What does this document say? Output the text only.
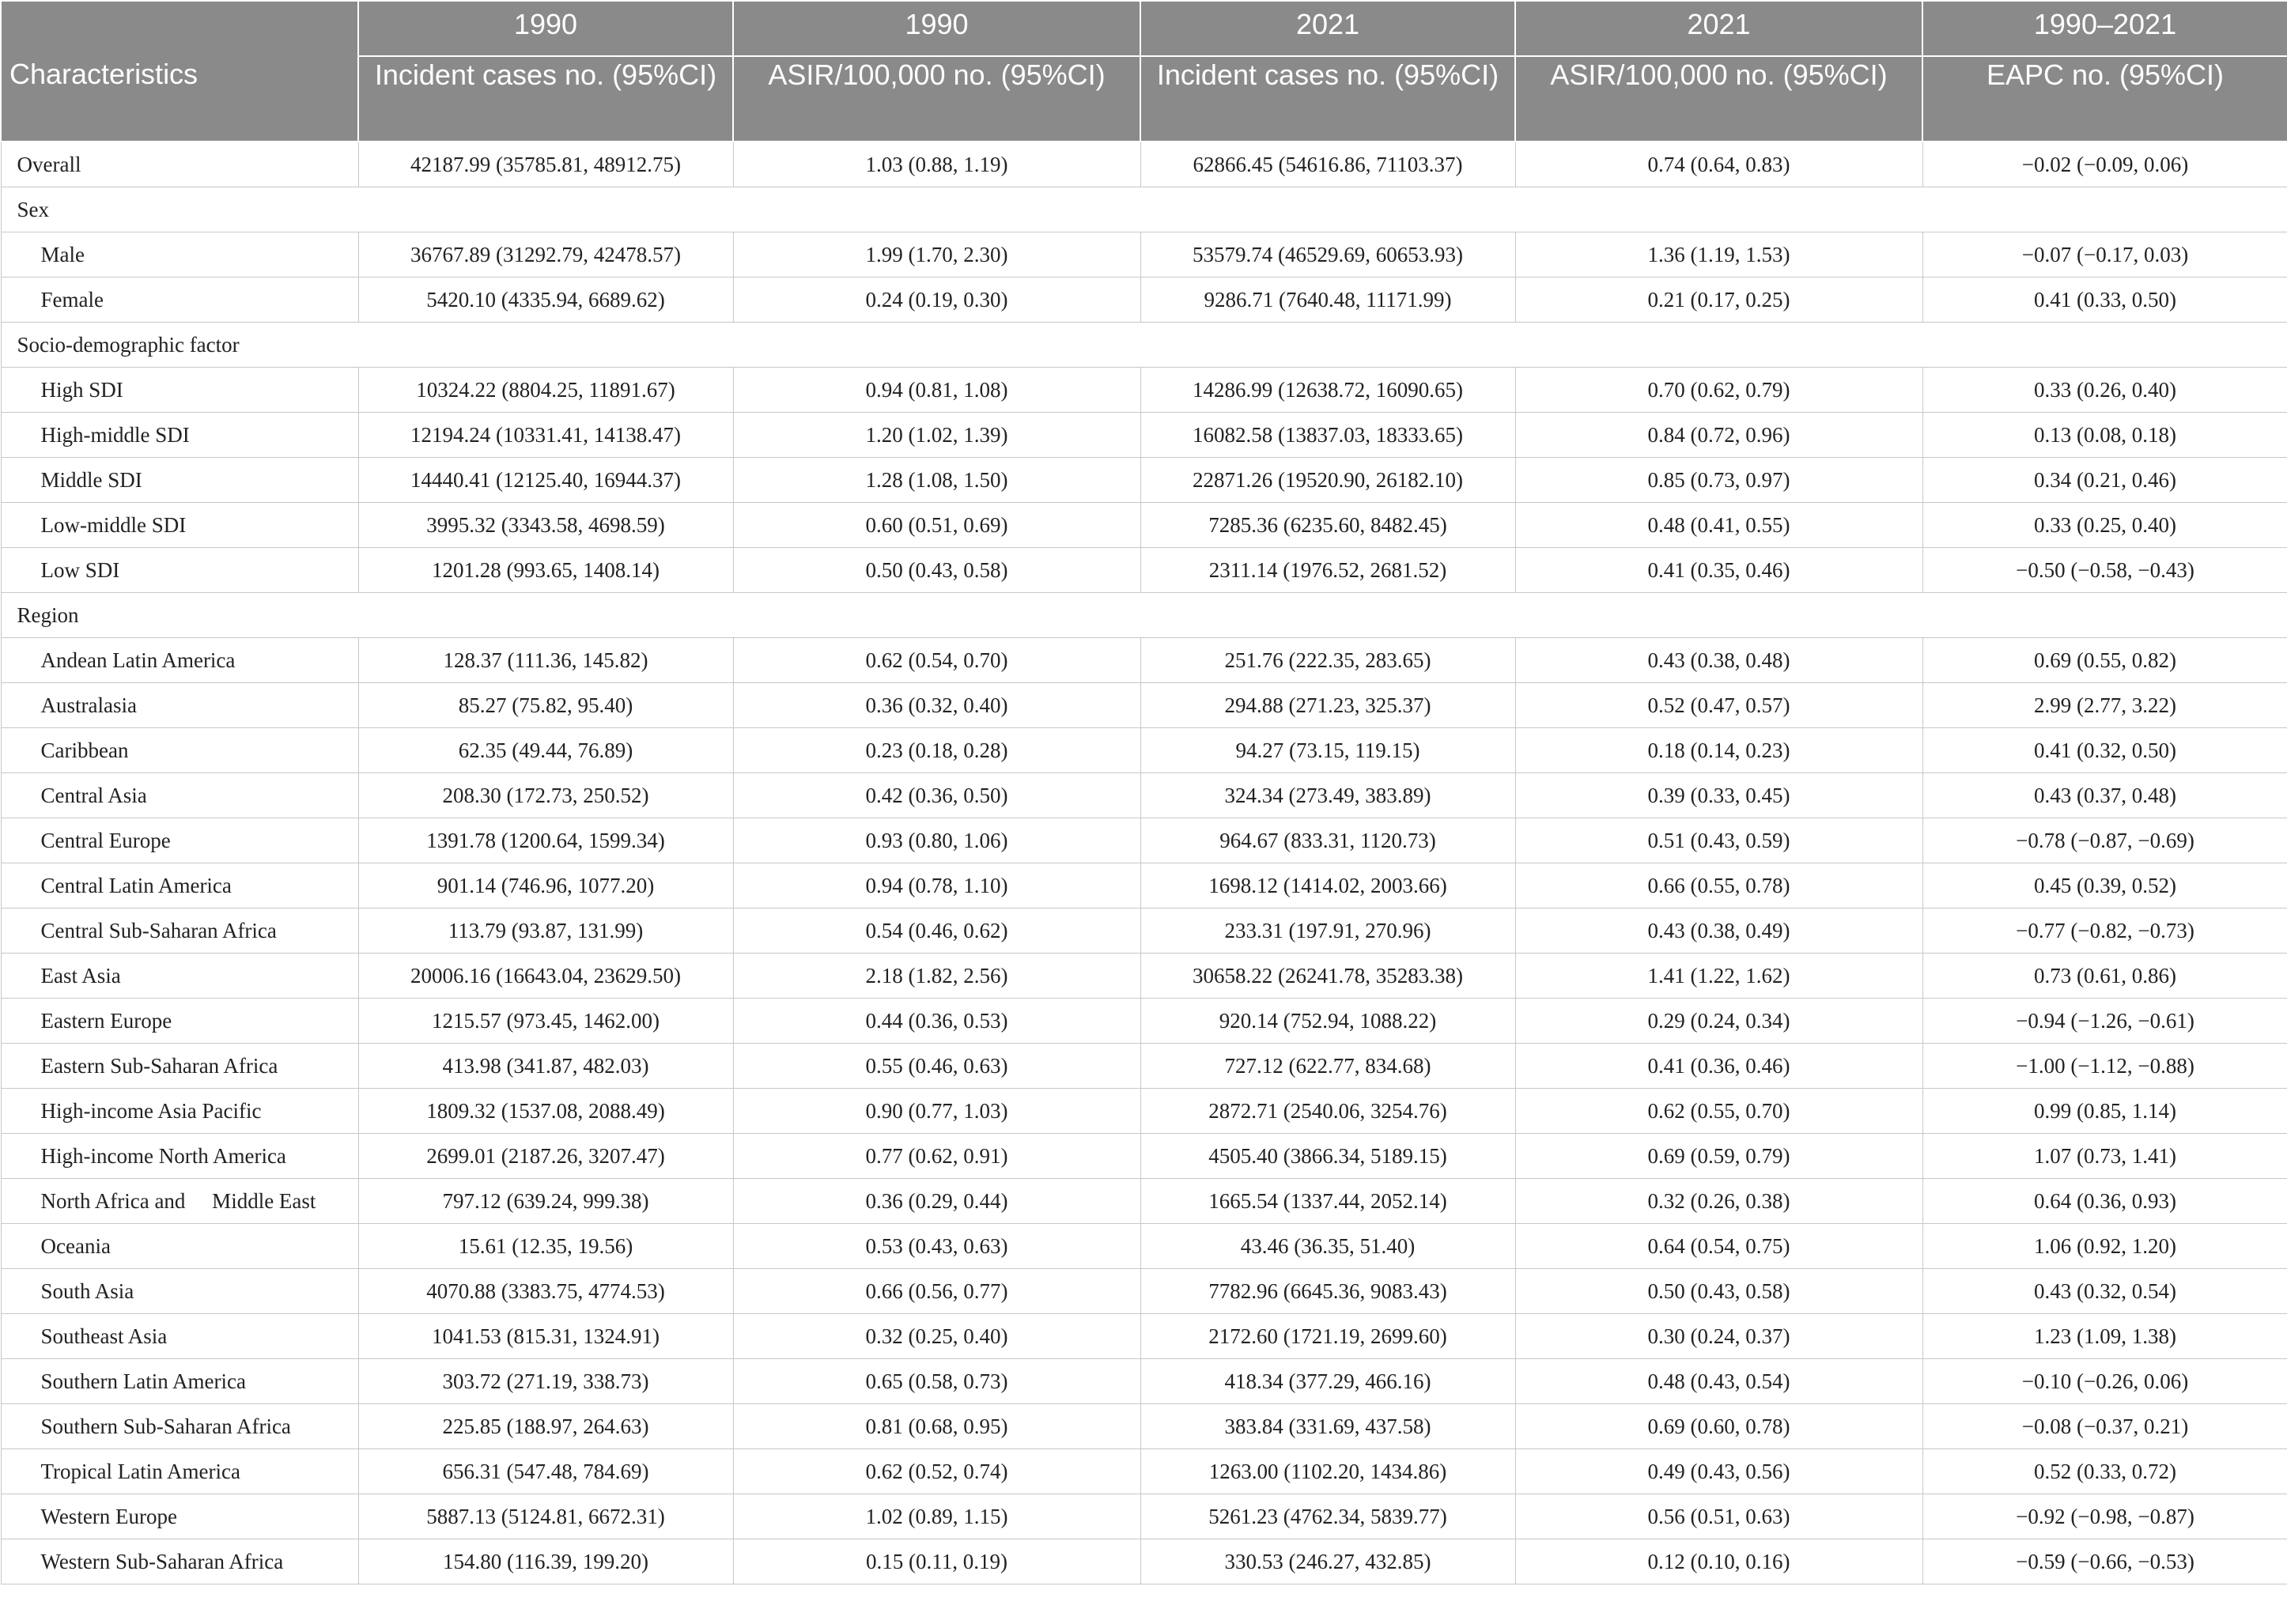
Characteristics	1990	1990	2021	2021	1990–2021
	Incident cases no. (95%CI)	ASIR/100,000 no. (95%CI)	Incident cases no. (95%CI)	ASIR/100,000 no. (95%CI)	EAPC no. (95%CI)
Overall	42187.99 (35785.81, 48912.75)	1.03 (0.88, 1.19)	62866.45 (54616.86, 71103.37)	0.74 (0.64, 0.83)	−0.02 (−0.09, 0.06)
Sex					
Male	36767.89 (31292.79, 42478.57)	1.99 (1.70, 2.30)	53579.74 (46529.69, 60653.93)	1.36 (1.19, 1.53)	−0.07 (−0.17, 0.03)
Female	5420.10 (4335.94, 6689.62)	0.24 (0.19, 0.30)	9286.71 (7640.48, 11171.99)	0.21 (0.17, 0.25)	0.41 (0.33, 0.50)
Socio-demographic factor					
High SDI	10324.22 (8804.25, 11891.67)	0.94 (0.81, 1.08)	14286.99 (12638.72, 16090.65)	0.70 (0.62, 0.79)	0.33 (0.26, 0.40)
High-middle SDI	12194.24 (10331.41, 14138.47)	1.20 (1.02, 1.39)	16082.58 (13837.03, 18333.65)	0.84 (0.72, 0.96)	0.13 (0.08, 0.18)
Middle SDI	14440.41 (12125.40, 16944.37)	1.28 (1.08, 1.50)	22871.26 (19520.90, 26182.10)	0.85 (0.73, 0.97)	0.34 (0.21, 0.46)
Low-middle SDI	3995.32 (3343.58, 4698.59)	0.60 (0.51, 0.69)	7285.36 (6235.60, 8482.45)	0.48 (0.41, 0.55)	0.33 (0.25, 0.40)
Low SDI	1201.28 (993.65, 1408.14)	0.50 (0.43, 0.58)	2311.14 (1976.52, 2681.52)	0.41 (0.35, 0.46)	−0.50 (−0.58, −0.43)
Region					
Andean Latin America	128.37 (111.36, 145.82)	0.62 (0.54, 0.70)	251.76 (222.35, 283.65)	0.43 (0.38, 0.48)	0.69 (0.55, 0.82)
Australasia	85.27 (75.82, 95.40)	0.36 (0.32, 0.40)	294.88 (271.23, 325.37)	0.52 (0.47, 0.57)	2.99 (2.77, 3.22)
Caribbean	62.35 (49.44, 76.89)	0.23 (0.18, 0.28)	94.27 (73.15, 119.15)	0.18 (0.14, 0.23)	0.41 (0.32, 0.50)
Central Asia	208.30 (172.73, 250.52)	0.42 (0.36, 0.50)	324.34 (273.49, 383.89)	0.39 (0.33, 0.45)	0.43 (0.37, 0.48)
Central Europe	1391.78 (1200.64, 1599.34)	0.93 (0.80, 1.06)	964.67 (833.31, 1120.73)	0.51 (0.43, 0.59)	−0.78 (−0.87, −0.69)
Central Latin America	901.14 (746.96, 1077.20)	0.94 (0.78, 1.10)	1698.12 (1414.02, 2003.66)	0.66 (0.55, 0.78)	0.45 (0.39, 0.52)
Central Sub-Saharan Africa	113.79 (93.87, 131.99)	0.54 (0.46, 0.62)	233.31 (197.91, 270.96)	0.43 (0.38, 0.49)	−0.77 (−0.82, −0.73)
East Asia	20006.16 (16643.04, 23629.50)	2.18 (1.82, 2.56)	30658.22 (26241.78, 35283.38)	1.41 (1.22, 1.62)	0.73 (0.61, 0.86)
Eastern Europe	1215.57 (973.45, 1462.00)	0.44 (0.36, 0.53)	920.14 (752.94, 1088.22)	0.29 (0.24, 0.34)	−0.94 (−1.26, −0.61)
Eastern Sub-Saharan Africa	413.98 (341.87, 482.03)	0.55 (0.46, 0.63)	727.12 (622.77, 834.68)	0.41 (0.36, 0.46)	−1.00 (−1.12, −0.88)
High-income Asia Pacific	1809.32 (1537.08, 2088.49)	0.90 (0.77, 1.03)	2872.71 (2540.06, 3254.76)	0.62 (0.55, 0.70)	0.99 (0.85, 1.14)
High-income North America	2699.01 (2187.26, 3207.47)	0.77 (0.62, 0.91)	4505.40 (3866.34, 5189.15)	0.69 (0.59, 0.79)	1.07 (0.73, 1.41)
North Africa and     Middle East	797.12 (639.24, 999.38)	0.36 (0.29, 0.44)	1665.54 (1337.44, 2052.14)	0.32 (0.26, 0.38)	0.64 (0.36, 0.93)
Oceania	15.61 (12.35, 19.56)	0.53 (0.43, 0.63)	43.46 (36.35, 51.40)	0.64 (0.54, 0.75)	1.06 (0.92, 1.20)
South Asia	4070.88 (3383.75, 4774.53)	0.66 (0.56, 0.77)	7782.96 (6645.36, 9083.43)	0.50 (0.43, 0.58)	0.43 (0.32, 0.54)
Southeast Asia	1041.53 (815.31, 1324.91)	0.32 (0.25, 0.40)	2172.60 (1721.19, 2699.60)	0.30 (0.24, 0.37)	1.23 (1.09, 1.38)
Southern Latin America	303.72 (271.19, 338.73)	0.65 (0.58, 0.73)	418.34 (377.29, 466.16)	0.48 (0.43, 0.54)	−0.10 (−0.26, 0.06)
Southern Sub-Saharan Africa	225.85 (188.97, 264.63)	0.81 (0.68, 0.95)	383.84 (331.69, 437.58)	0.69 (0.60, 0.78)	−0.08 (−0.37, 0.21)
Tropical Latin America	656.31 (547.48, 784.69)	0.62 (0.52, 0.74)	1263.00 (1102.20, 1434.86)	0.49 (0.43, 0.56)	0.52 (0.33, 0.72)
Western Europe	5887.13 (5124.81, 6672.31)	1.02 (0.89, 1.15)	5261.23 (4762.34, 5839.77)	0.56 (0.51, 0.63)	−0.92 (−0.98, −0.87)
Western Sub-Saharan Africa	154.80 (116.39, 199.20)	0.15 (0.11, 0.19)	330.53 (246.27, 432.85)	0.12 (0.10, 0.16)	−0.59 (−0.66, −0.53)
